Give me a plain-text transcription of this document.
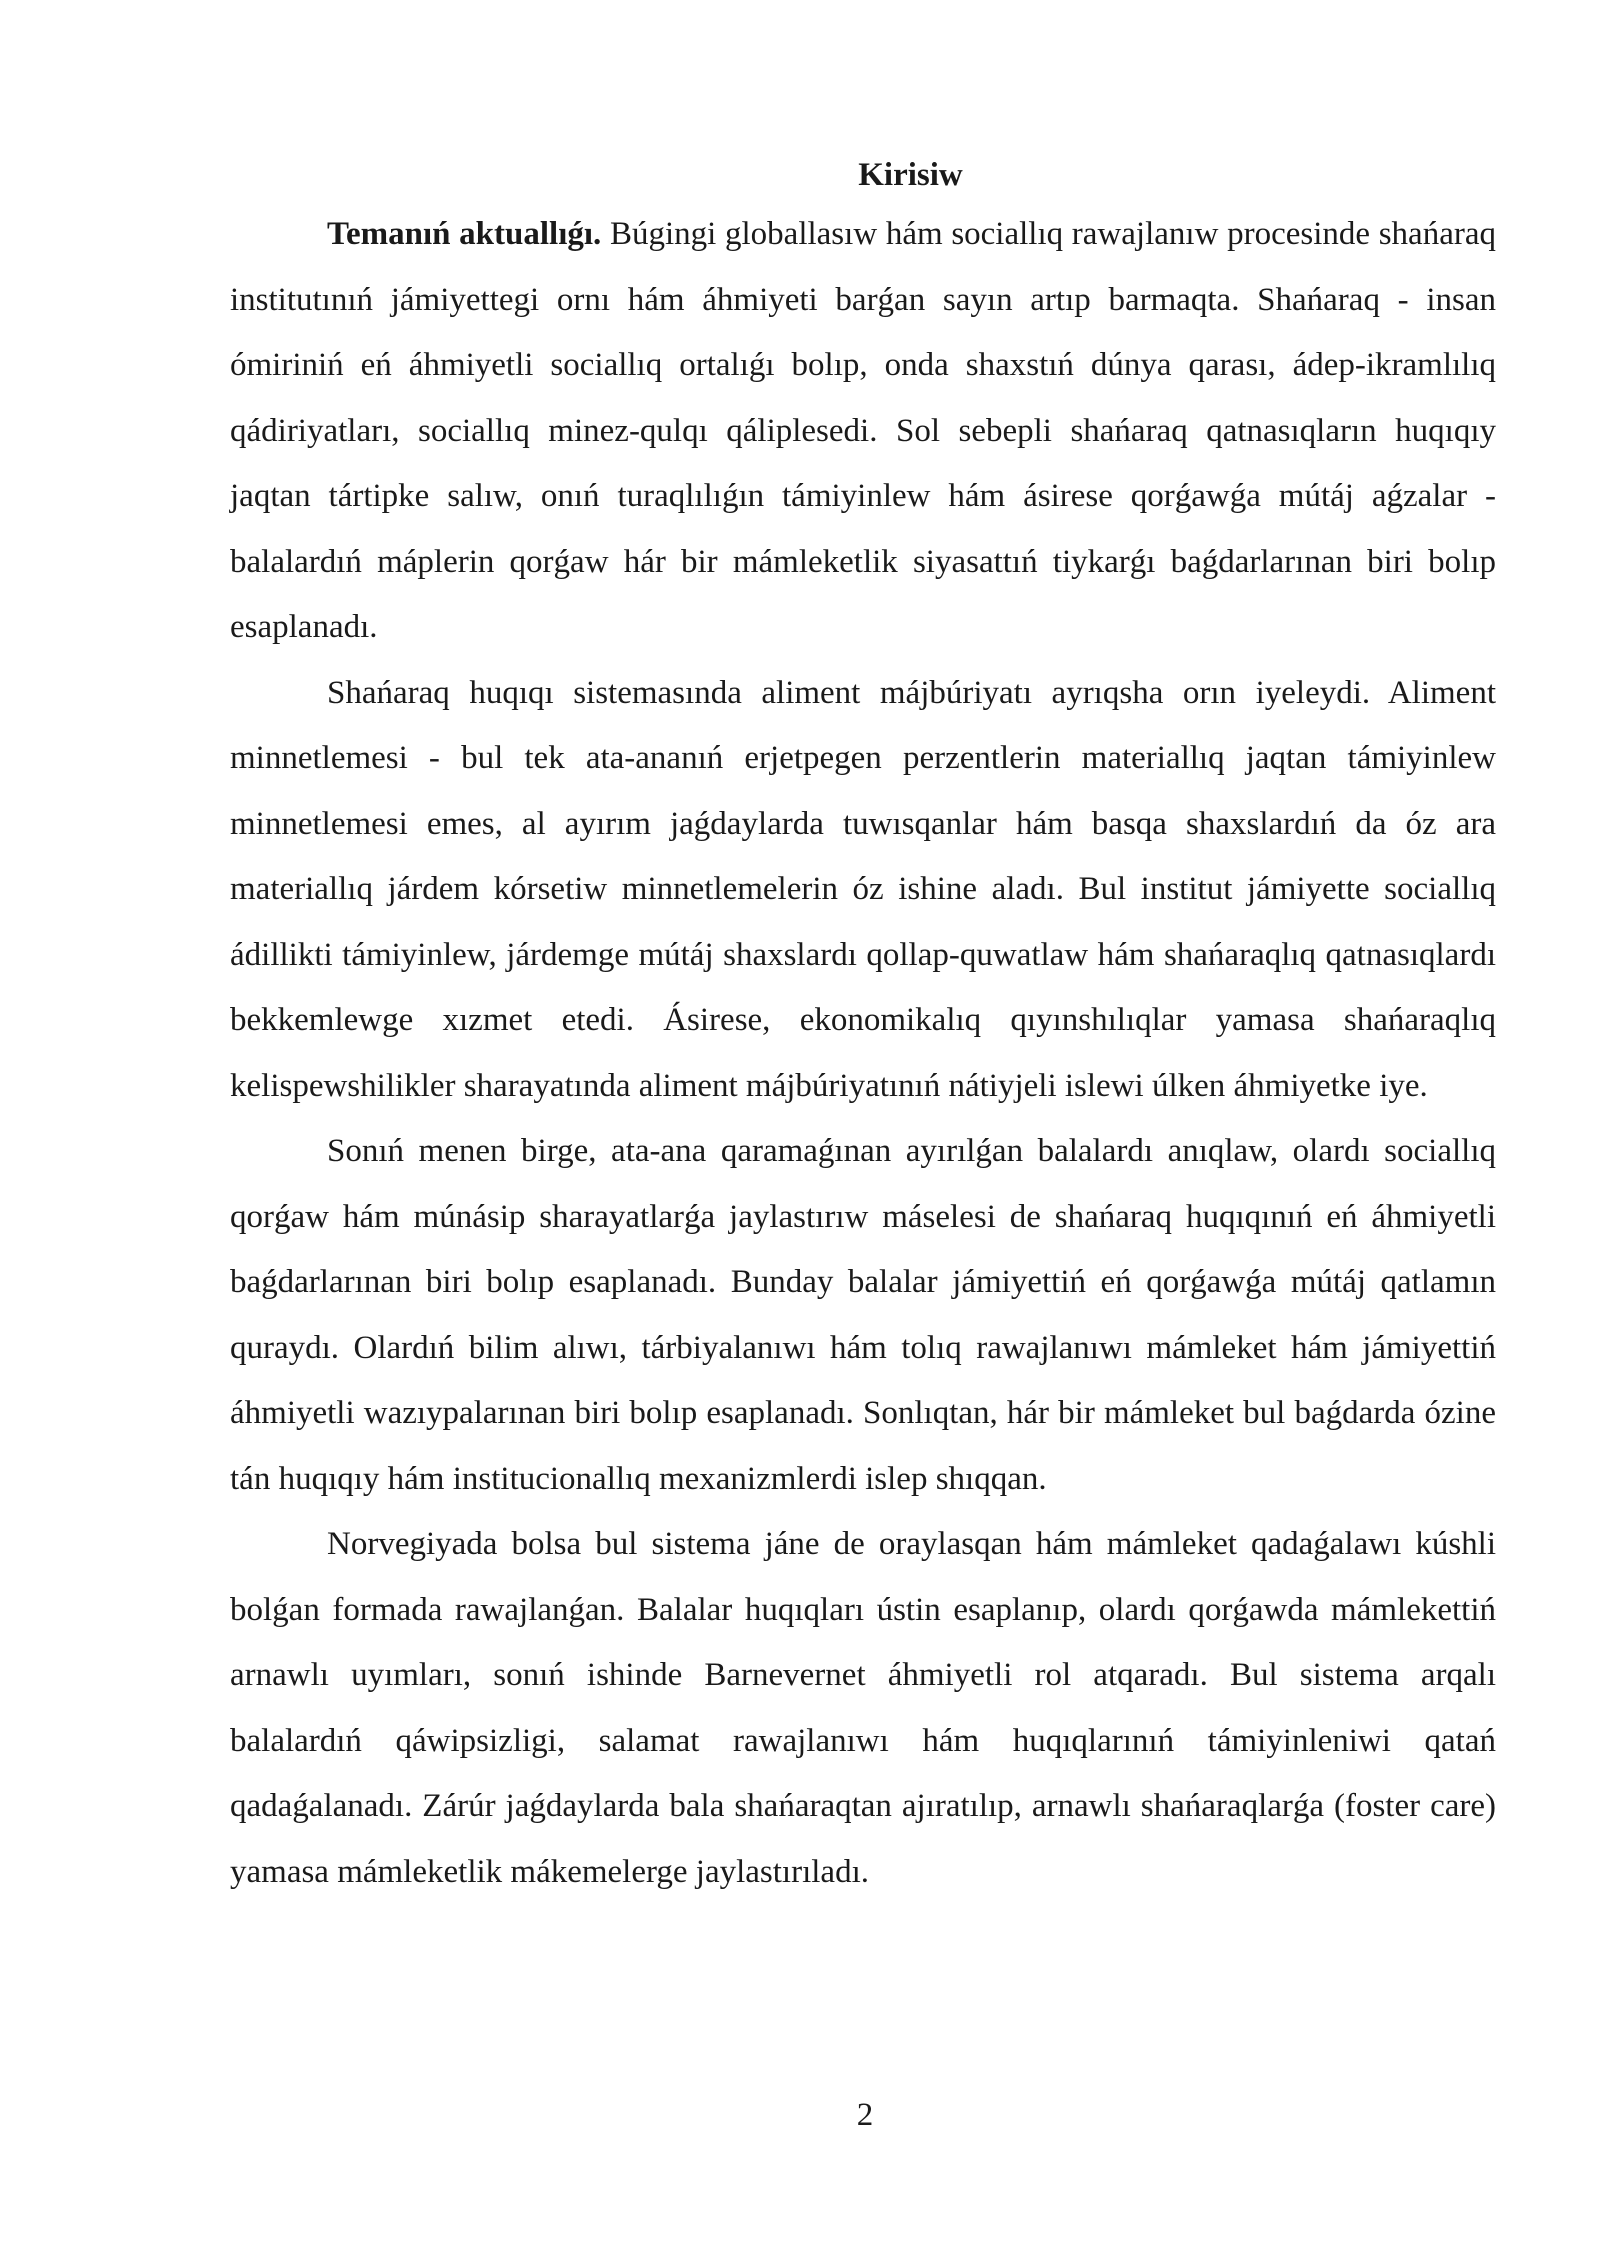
Kirisiw

Temanıń aktuallıǵı. Búgingi globallasıw hám sociallıq rawajlanıw procesinde shańaraq institutınıń jámiyettegi ornı hám áhmiyeti barǵan sayın artıp barmaqta. Shańaraq - insan ómiriniń eń áhmiyetli sociallıq ortalıǵı bolıp, onda shaxstıń dúnya qarası, ádep-ikramlılıq qádiriyatları, sociallıq minez-qulqı qáliplesedi. Sol sebepli shańaraq qatnasıqların huqıqıy jaqtan tártipke salıw, onıń turaqlılıǵın támiyinlew hám ásirese qorǵawǵa mútáj aǵzalar - balalardıń máplerin qorǵaw hár bir mámleketlik siyasattıń tiykarǵı baǵdarlarınan biri bolıp esaplanadı.

Shańaraq huqıqı sistemasında aliment májbúriyatı ayrıqsha orın iyeleydi. Aliment minnetlemesi - bul tek ata-ananıń erjetpegen perzentlerin materiallıq jaqtan támiyinlew minnetlemesi emes, al ayırım jaǵdaylarda tuwısqanlar hám basqa shaxslardıń da óz ara materiallıq járdem kórsetiw minnetlemelerin óz ishine aladı. Bul institut jámiyette sociallıq ádillikti támiyinlew, járdemge mútáj shaxslardı qollap-quwatlaw hám shańaraqlıq qatnasıqlardı bekkemlewge xızmet etedi. Ásirese, ekonomikalıq qıyınshılıqlar yamasa shańaraqlıq kelispewshilikler sharayatında aliment májbúriyatınıń nátiyjeli islewi úlken áhmiyetke iye.

Sonıń menen birge, ata-ana qaramaǵınan ayırılǵan balalardı anıqlaw, olardı sociallıq qorǵaw hám múnásip sharayatlarǵa jaylastırıw máselesi de shańaraq huqıqınıń eń áhmiyetli baǵdarlarınan biri bolıp esaplanadı. Bunday balalar jámiyettiń eń qorǵawǵa mútáj qatlamın quraydı. Olardıń bilim alıwı, tárbiyalanıwı hám tolıq rawajlanıwı mámleket hám jámiyettiń áhmiyetli wazıypalarınan biri bolıp esaplanadı. Sonlıqtan, hár bir mámleket bul baǵdarda ózine tán huqıqıy hám institucionallıq mexanizmlerdi islep shıqqan.

Norvegiyada bolsa bul sistema jáne de oraylasqan hám mámleket qadaǵalawı kúshli bolǵan formada rawajlanǵan. Balalar huqıqları ústin esaplanıp, olardı qorǵawda mámlekettiń arnawlı uyımları, sonıń ishinde Barnevernet áhmiyetli rol atqaradı. Bul sistema arqalı balalardıń qáwipsizligi, salamat rawajlanıwı hám huqıqlarınıń támiyinleniwi qatań qadaǵalanadı. Zárúr jaǵdaylarda bala shańaraqtan ajıratılıp, arnawlı shańaraqlarǵa (foster care) yamasa mámleketlik mákemelerge jaylastırıladı.

2
